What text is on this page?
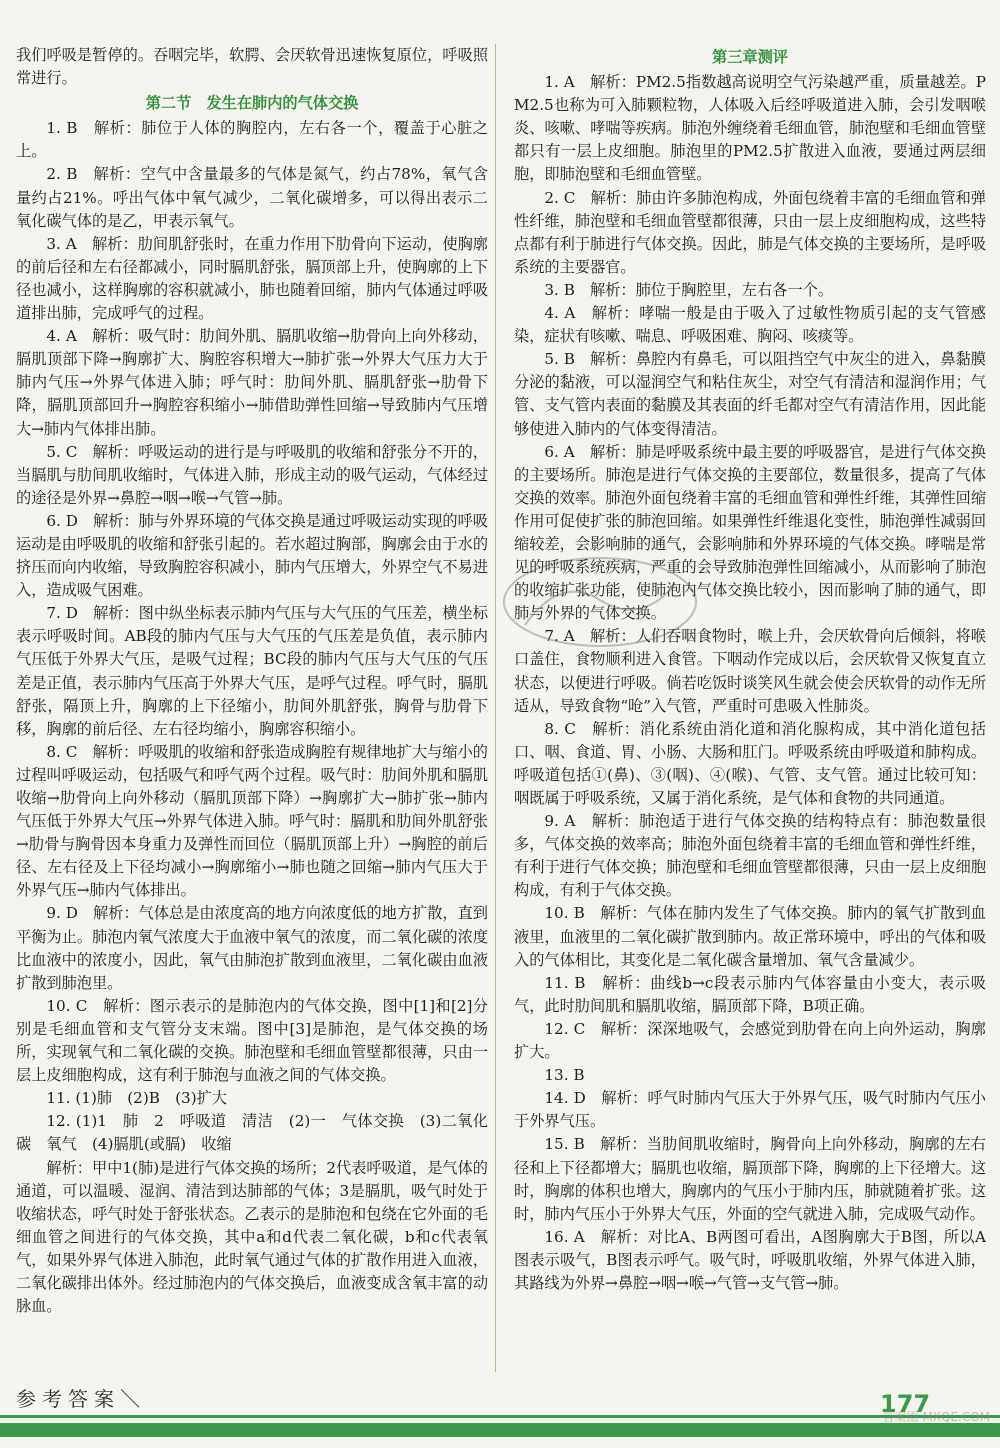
我们呼吸是暂停的。吞咽完毕，软腭、会厌软骨迅速恢复原位，呼吸照常进行。

第二节　发生在肺内的气体交换

1. B　解析：肺位于人体的胸腔内，左右各一个，覆盖于心脏之上。

2. B　解析：空气中含量最多的气体是氮气，约占78%，氧气含量约占21%。呼出气体中氧气减少，二氧化碳增多，可以得出表示二氧化碳气体的是乙，甲表示氧气。

3. A　解析：肋间肌舒张时，在重力作用下肋骨向下运动，使胸廓的前后径和左右径都减小，同时膈肌舒张，膈顶部上升，使胸廓的上下径也减小，这样胸廓的容积就减小，肺也随着回缩，肺内气体通过呼吸道排出肺，完成呼气的过程。

4. A　解析：吸气时：肋间外肌、膈肌收缩→肋骨向上向外移动，膈肌顶部下降→胸廓扩大、胸腔容积增大→肺扩张→外界大气压力大于肺内气压→外界气体进入肺；呼气时：肋间外肌、膈肌舒张→肋骨下降，膈肌顶部回升→胸腔容积缩小→肺借助弹性回缩→导致肺内气压增大→肺内气体排出肺。

5. C　解析：呼吸运动的进行是与呼吸肌的收缩和舒张分不开的，当膈肌与肋间肌收缩时，气体进入肺，形成主动的吸气运动，气体经过的途径是外界→鼻腔→咽→喉→气管→肺。

6. D　解析：肺与外界环境的气体交换是通过呼吸运动实现的呼吸运动是由呼吸肌的收缩和舒张引起的。若水超过胸部，胸廓会由于水的挤压而向内收缩，导致胸腔容积减小，肺内气压增大，外界空气不易进入，造成吸气困难。

7. D　解析：图中纵坐标表示肺内气压与大气压的气压差，横坐标表示呼吸时间。AB段的肺内气压与大气压的气压差是负值，表示肺内气压低于外界大气压，是吸气过程；BC段的肺内气压与大气压的气压差是正值，表示肺内气压高于外界大气压，是呼气过程。呼气时，膈肌舒张，隔顶上升，胸廓的上下径缩小，肋间外肌舒张，胸骨与肋骨下移，胸廓的前后径、左右径均缩小，胸廓容积缩小。

8. C　解析：呼吸肌的收缩和舒张造成胸腔有规律地扩大与缩小的过程叫呼吸运动，包括吸气和呼气两个过程。吸气时：肋间外肌和膈肌收缩→肋骨向上向外移动（膈肌顶部下降）→胸廓扩大→肺扩张→肺内气压低于外界大气压→外界气体进入肺。呼气时：膈肌和肋间外肌舒张→肋骨与胸骨因本身重力及弹性而回位（膈肌顶部上升）→胸腔的前后径、左右径及上下径均减小→胸廓缩小→肺也随之回缩→肺内气压大于外界气压→肺内气体排出。

9. D　解析：气体总是由浓度高的地方向浓度低的地方扩散，直到平衡为止。肺泡内氧气浓度大于血液中氧气的浓度，而二氧化碳的浓度比血液中的浓度小，因此，氧气由肺泡扩散到血液里，二氧化碳由血液扩散到肺泡里。

10. C　解析：图示表示的是肺泡内的气体交换，图中[1]和[2]分别是毛细血管和支气管分支末端。图中[3]是肺泡，是气体交换的场所，实现氧气和二氧化碳的交换。肺泡壁和毛细血管壁都很薄，只由一层上皮细胞构成，这有利于肺泡与血液之间的气体交换。

11. (1)肺　(2)B　(3)扩大

12. (1)1　肺　2　呼吸道　清洁　(2)一　气体交换　(3)二氧化碳　氧气　(4)膈肌(或膈)　收缩

解析：甲中1(肺)是进行气体交换的场所；2代表呼吸道，是气体的通道，可以温暖、湿润、清洁到达肺部的气体；3是膈肌，吸气时处于收缩状态，呼气时处于舒张状态。乙表示的是肺泡和包绕在它外面的毛细血管之间进行的气体交换，其中a和d代表二氧化碳，b和c代表氧气，如果外界气体进入肺泡，此时氧气通过气体的扩散作用进入血液，二氧化碳排出体外。经过肺泡内的气体交换后，血液变成含氧丰富的动脉血。

第三章测评

1. A　解析：PM2.5指数越高说明空气污染越严重，质量越差。PM2.5也称为可入肺颗粒物，人体吸入后经呼吸道进入肺，会引发咽喉炎、咳嗽、哮喘等疾病。肺泡外缠绕着毛细血管，肺泡壁和毛细血管壁都只有一层上皮细胞。肺泡里的PM2.5扩散进入血液，要通过两层细胞，即肺泡壁和毛细血管壁。

2. C　解析：肺由许多肺泡构成，外面包绕着丰富的毛细血管和弹性纤维，肺泡壁和毛细血管壁都很薄，只由一层上皮细胞构成，这些特点都有利于肺进行气体交换。因此，肺是气体交换的主要场所，是呼吸系统的主要器官。

3. B　解析：肺位于胸腔里，左右各一个。

4. A　解析：哮喘一般是由于吸入了过敏性物质引起的支气管感染，症状有咳嗽、喘息、呼吸困难、胸闷、咳痰等。

5. B　解析：鼻腔内有鼻毛，可以阻挡空气中灰尘的进入，鼻黏膜分泌的黏液，可以湿润空气和粘住灰尘，对空气有清洁和湿润作用；气管、支气管内表面的黏膜及其表面的纤毛都对空气有清洁作用，因此能够使进入肺内的气体变得清洁。

6. A　解析：肺是呼吸系统中最主要的呼吸器官，是进行气体交换的主要场所。肺泡是进行气体交换的主要部位，数量很多，提高了气体交换的效率。肺泡外面包绕着丰富的毛细血管和弹性纤维，其弹性回缩作用可促使扩张的肺泡回缩。如果弹性纤维退化变性，肺泡弹性减弱回缩较差，会影响肺的通气，会影响肺和外界环境的气体交换。哮喘是常见的呼吸系统疾病，严重的会导致肺泡弹性回缩减小，从而影响了肺泡的收缩扩张功能，使肺泡内气体交换比较小，因而影响了肺的通气，即肺与外界的气体交换。

7. A　解析：人们吞咽食物时，喉上升，会厌软骨向后倾斜，将喉口盖住，食物顺利进入食管。下咽动作完成以后，会厌软骨又恢复直立状态，以便进行呼吸。倘若吃饭时谈笑风生就会使会厌软骨的动作无所适从，导致食物“呛”入气管，严重时可患吸入性肺炎。

8. C　解析：消化系统由消化道和消化腺构成，其中消化道包括口、咽、食道、胃、小肠、大肠和肛门。呼吸系统由呼吸道和肺构成。呼吸道包括①(鼻)、③(咽)、④(喉)、气管、支气管。通过比较可知：咽既属于呼吸系统，又属于消化系统，是气体和食物的共同通道。

9. A　解析：肺泡适于进行气体交换的结构特点有：肺泡数量很多，气体交换的效率高；肺泡外面包绕着丰富的毛细血管和弹性纤维，有利于进行气体交换；肺泡壁和毛细血管壁都很薄，只由一层上皮细胞构成，有利于气体交换。

10. B　解析：气体在肺内发生了气体交换。肺内的氧气扩散到血液里，血液里的二氧化碳扩散到肺内。故正常环境中，呼出的气体和吸入的气体相比，其变化是二氧化碳含量增加、氧气含量减少。

11. B　解析：曲线b→c段表示肺内气体容量由小变大，表示吸气，此时肋间肌和膈肌收缩，膈顶部下降，B项正确。

12. C　解析：深深地吸气，会感觉到肋骨在向上向外运动，胸廓扩大。

13. B

14. D　解析：呼气时肺内气压大于外界气压，吸气时肺内气压小于外界气压。

15. B　解析：当肋间肌收缩时，胸骨向上向外移动，胸廓的左右径和上下径都增大；膈肌也收缩，膈顶部下降，胸廓的上下径增大。这时，胸廓的体积也增大，胸廓内的气压小于肺内压，肺就随着扩张。这时，肺内气压小于外界大气压，外面的空气就进入肺，完成吸气动作。

16. A　解析：对比A、B两图可看出，A图胸廓大于B图，所以A图表示吸气，B图表示呼气。吸气时，呼吸肌收缩，外界气体进入肺，其路线为外界→鼻腔→咽→喉→气管→支气管→肺。

参考答案＼	177
答案圈 MXQE.COM
